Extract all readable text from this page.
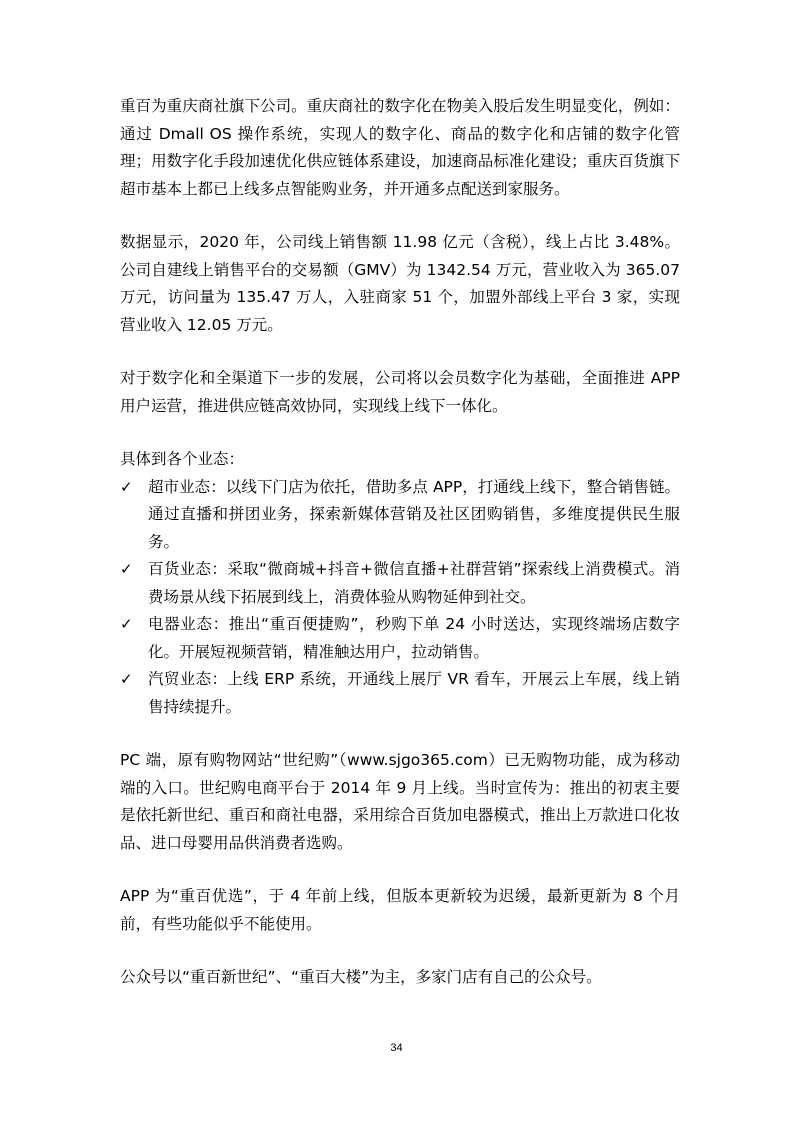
重百为重庆商社旗下公司。重庆商社的数字化在物美入股后发生明显变化，例如：通过 Dmall OS 操作系统，实现人的数字化、商品的数字化和店铺的数字化管理；用数字化手段加速优化供应链体系建设，加速商品标准化建设；重庆百货旗下超市基本上都已上线多点智能购业务，并开通多点配送到家服务。

数据显示，2020 年，公司线上销售额 11.98 亿元（含税），线上占比 3.48%。公司自建线上销售平台的交易额（GMV）为 1342.54 万元，营业收入为 365.07 万元，访问量为 135.47 万人，入驻商家 51 个，加盟外部线上平台 3 家，实现营业收入 12.05 万元。

对于数字化和全渠道下一步的发展，公司将以会员数字化为基础，全面推进 APP 用户运营，推进供应链高效协同，实现线上线下一体化。

具体到各个业态：

✓ 超市业态：以线下门店为依托，借助多点 APP，打通线上线下，整合销售链。通过直播和拼团业务，探索新媒体营销及社区团购销售，多维度提供民生服务。
✓ 百货业态：采取“微商城+抖音+微信直播+社群营销”探索线上消费模式。消费场景从线下拓展到线上，消费体验从购物延伸到社交。
✓ 电器业态：推出“重百便捷购”，秒购下单 24 小时送达，实现终端场店数字化。开展短视频营销，精准触达用户，拉动销售。
✓ 汽贸业态：上线 ERP 系统，开通线上展厅 VR 看车，开展云上车展，线上销售持续提升。

PC 端，原有购物网站“世纪购”（www.sjgo365.com）已无购物功能，成为移动端的入口。世纪购电商平台于 2014 年 9 月上线。当时宣传为：推出的初衷主要是依托新世纪、重百和商社电器，采用综合百货加电器模式，推出上万款进口化妆品、进口母婴用品供消费者选购。

APP 为“重百优选”，于 4 年前上线，但版本更新较为迟缓，最新更新为 8 个月前，有些功能似乎不能使用。

公众号以“重百新世纪”、“重百大楼”为主，多家门店有自己的公众号。

34
